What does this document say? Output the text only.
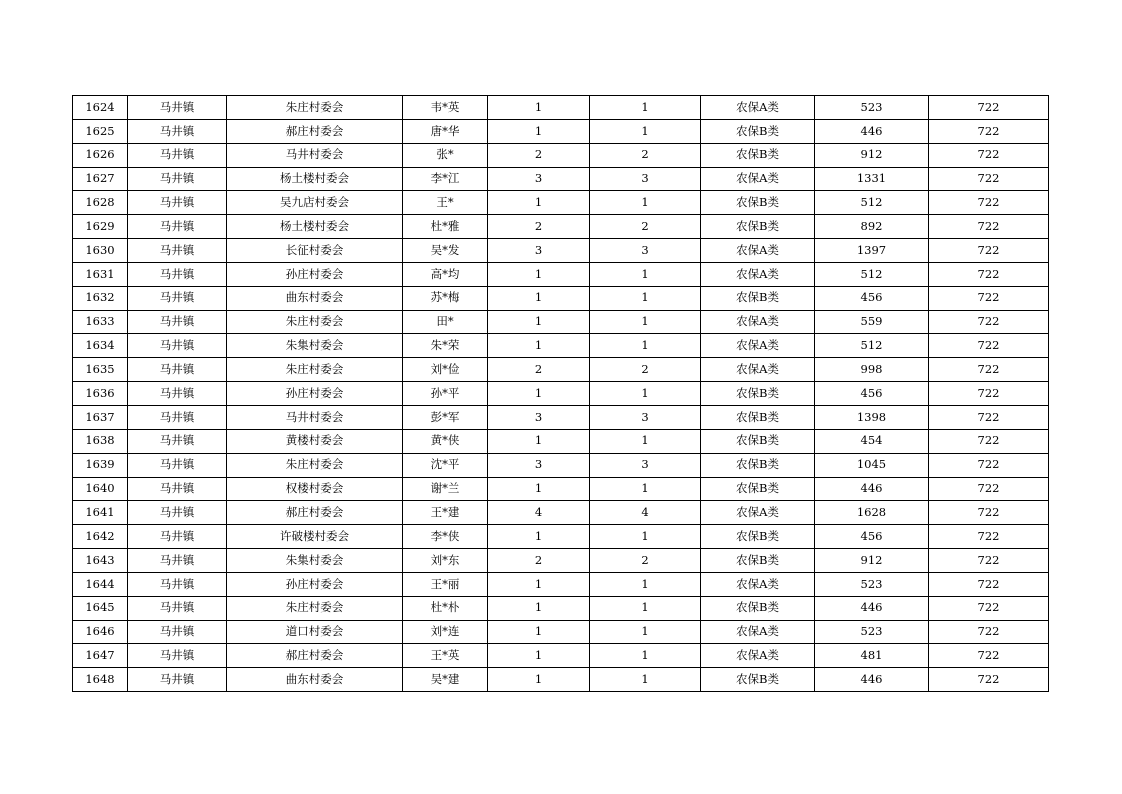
1624	马井镇	朱庄村委会	韦*英	1	1	农保A类	523	722
1625	马井镇	郝庄村委会	唐*华	1	1	农保B类	446	722
1626	马井镇	马井村委会	张*	2	2	农保B类	912	722
1627	马井镇	杨土楼村委会	李*江	3	3	农保A类	1331	722
1628	马井镇	吴九店村委会	王*	1	1	农保B类	512	722
1629	马井镇	杨土楼村委会	杜*雅	2	2	农保B类	892	722
1630	马井镇	长征村委会	吴*发	3	3	农保A类	1397	722
1631	马井镇	孙庄村委会	高*均	1	1	农保A类	512	722
1632	马井镇	曲东村委会	苏*梅	1	1	农保B类	456	722
1633	马井镇	朱庄村委会	田*	1	1	农保A类	559	722
1634	马井镇	朱集村委会	朱*荣	1	1	农保A类	512	722
1635	马井镇	朱庄村委会	刘*俭	2	2	农保A类	998	722
1636	马井镇	孙庄村委会	孙*平	1	1	农保B类	456	722
1637	马井镇	马井村委会	彭*军	3	3	农保B类	1398	722
1638	马井镇	黄楼村委会	黄*侠	1	1	农保B类	454	722
1639	马井镇	朱庄村委会	沈*平	3	3	农保B类	1045	722
1640	马井镇	权楼村委会	谢*兰	1	1	农保B类	446	722
1641	马井镇	郝庄村委会	王*建	4	4	农保A类	1628	722
1642	马井镇	许破楼村委会	李*侠	1	1	农保B类	456	722
1643	马井镇	朱集村委会	刘*东	2	2	农保B类	912	722
1644	马井镇	孙庄村委会	王*丽	1	1	农保A类	523	722
1645	马井镇	朱庄村委会	杜*朴	1	1	农保B类	446	722
1646	马井镇	道口村委会	刘*连	1	1	农保A类	523	722
1647	马井镇	郝庄村委会	王*英	1	1	农保A类	481	722
1648	马井镇	曲东村委会	吴*建	1	1	农保B类	446	722
